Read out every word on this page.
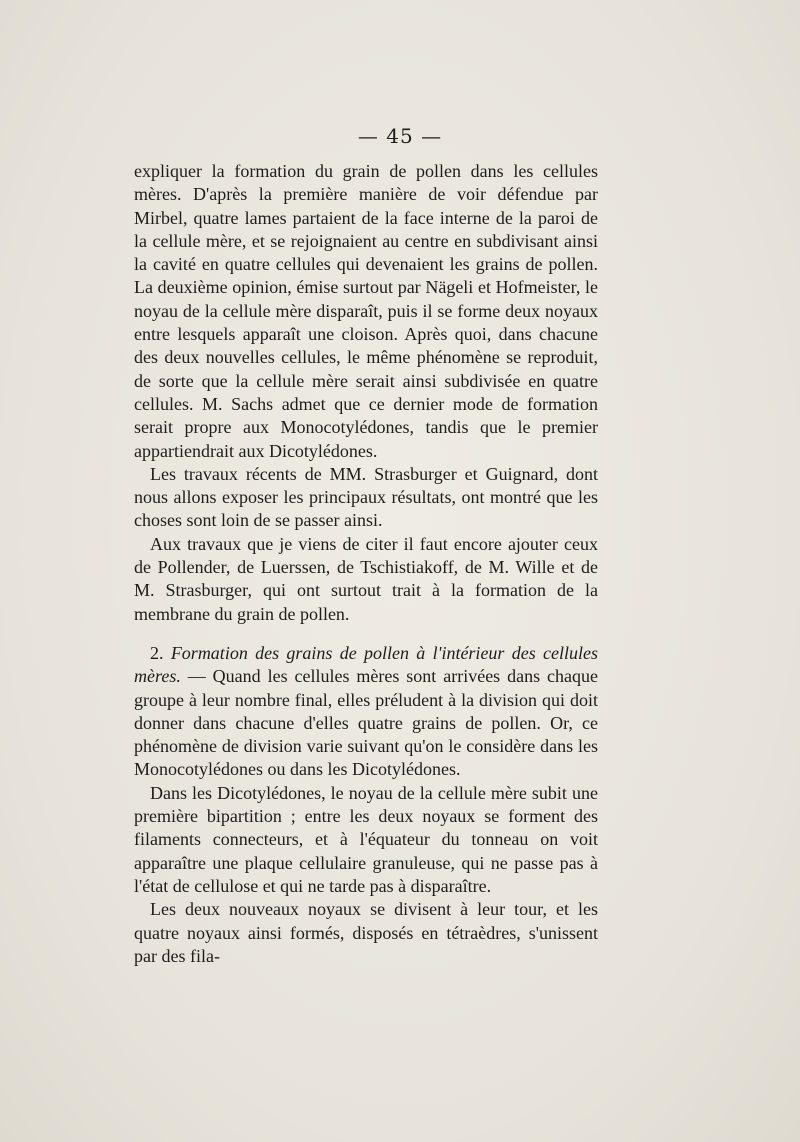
— 45 —

expliquer la formation du grain de pollen dans les cellules mères. D'après la première manière de voir défendue par Mirbel, quatre lames partaient de la face interne de la paroi de la cellule mère, et se rejoignaient au centre en subdivisant ainsi la cavité en quatre cellules qui devenaient les grains de pollen. La deuxième opinion, émise surtout par Nägeli et Hofmeister, le noyau de la cellule mère disparaît, puis il se forme deux noyaux entre lesquels apparaît une cloison. Après quoi, dans chacune des deux nouvelles cellules, le même phénomène se reproduit, de sorte que la cellule mère serait ainsi subdivisée en quatre cellules. M. Sachs admet que ce dernier mode de formation serait propre aux Monocotylédones, tandis que le premier appartiendrait aux Dicotylédones.

Les travaux récents de MM. Strasburger et Guignard, dont nous allons exposer les principaux résultats, ont montré que les choses sont loin de se passer ainsi.

Aux travaux que je viens de citer il faut encore ajouter ceux de Pollender, de Luerssen, de Tschistiakoff, de M. Wille et de M. Strasburger, qui ont surtout trait à la formation de la membrane du grain de pollen.

2. Formation des grains de pollen à l'intérieur des cellules mères. — Quand les cellules mères sont arrivées dans chaque groupe à leur nombre final, elles préludent à la division qui doit donner dans chacune d'elles quatre grains de pollen. Or, ce phénomène de division varie suivant qu'on le considère dans les Monocotylédones ou dans les Dicotylédones.

Dans les Dicotylédones, le noyau de la cellule mère subit une première bipartition ; entre les deux noyaux se forment des filaments connecteurs, et à l'équateur du tonneau on voit apparaître une plaque cellulaire granuleuse, qui ne passe pas à l'état de cellulose et qui ne tarde pas à disparaître.

Les deux nouveaux noyaux se divisent à leur tour, et les quatre noyaux ainsi formés, disposés en tétraèdres, s'unissent par des fila-
